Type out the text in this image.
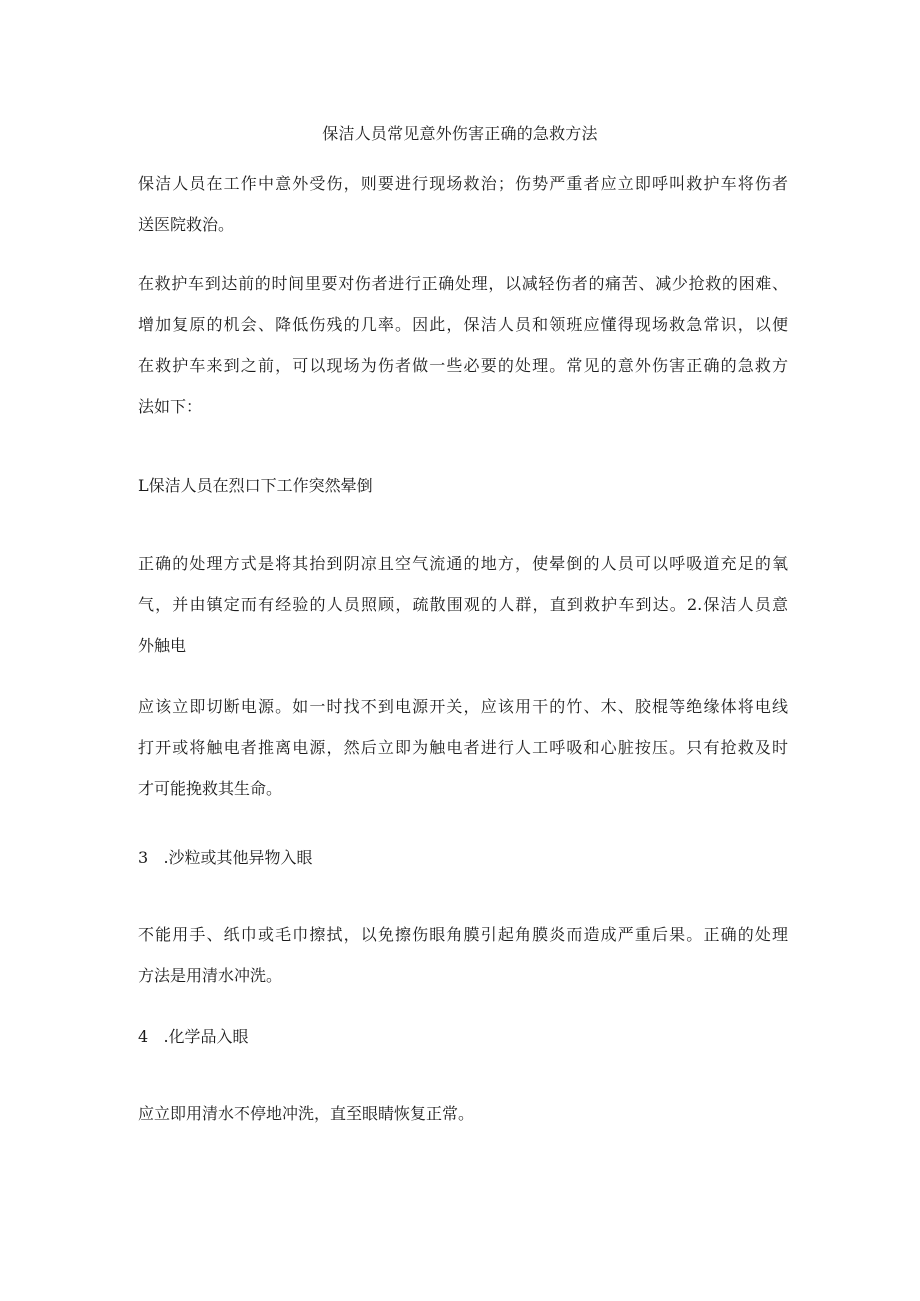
保洁人员常见意外伤害正确的急救方法
保洁人员在工作中意外受伤，则要进行现场救治；伤势严重者应立即呼叫救护车将伤者
送医院救治。
在救护车到达前的时间里要对伤者进行正确处理，以减轻伤者的痛苦、减少抢救的困难、
增加复原的机会、降低伤残的几率。因此，保洁人员和领班应懂得现场救急常识，以便
在救护车来到之前，可以现场为伤者做一些必要的处理。常见的意外伤害正确的急救方
法如下：
L保洁人员在烈口下工作突然晕倒
正确的处理方式是将其抬到阴凉且空气流通的地方，使晕倒的人员可以呼吸道充足的氧
气，并由镇定而有经验的人员照顾，疏散围观的人群，直到救护车到达。2.保洁人员意
外触电
应该立即切断电源。如一时找不到电源开关，应该用干的竹、木、胶棍等绝缘体将电线
打开或将触电者推离电源，然后立即为触电者进行人工呼吸和心脏按压。只有抢救及时
才可能挽救其生命。
3   .沙粒或其他异物入眼
不能用手、纸巾或毛巾擦拭，以免擦伤眼角膜引起角膜炎而造成严重后果。正确的处理
方法是用清水冲洗。
4   .化学品入眼
应立即用清水不停地冲洗，直至眼睛恢复正常。
